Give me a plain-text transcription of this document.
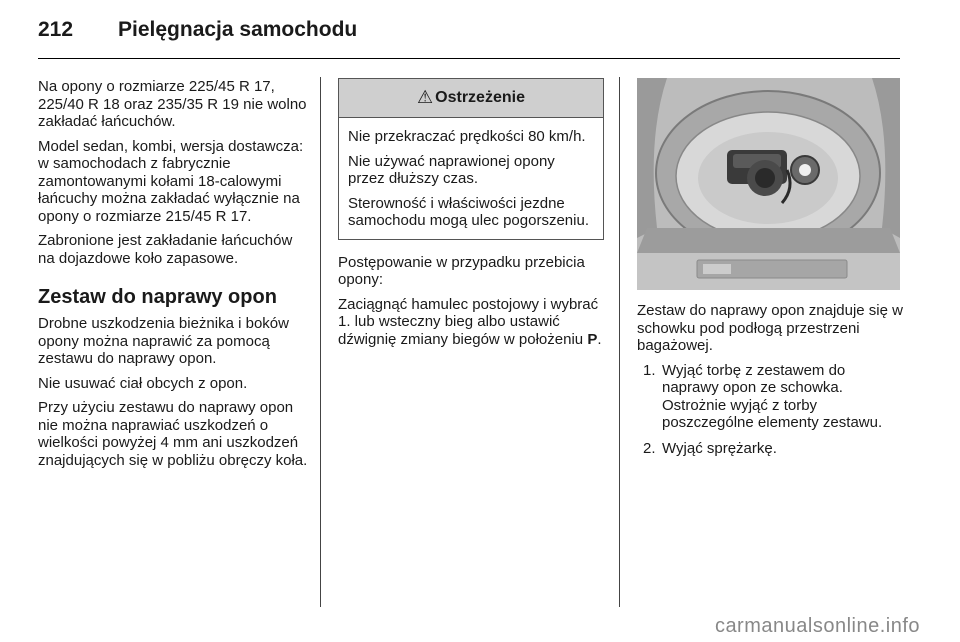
212 Pielęgnacja samochodu

Na opony o rozmiarze 225/45 R 17, 225/40 R 18 oraz 235/35 R 19 nie wolno zakładać łańcuchów.

Model sedan, kombi, wersja dostawcza: w samochodach z fabrycznie zamontowanymi kołami 18-calowymi łańcuchy można zakładać wyłącznie na opony o rozmiarze 215/45 R 17.

Zabronione jest zakładanie łańcuchów na dojazdowe koło zapasowe.

Zestaw do naprawy opon

Drobne uszkodzenia bieżnika i boków opony można naprawić za pomocą zestawu do naprawy opon.

Nie usuwać ciał obcych z opon.

Przy użyciu zestawu do naprawy opon nie można naprawiać uszkodzeń o wielkości powyżej 4 mm ani uszkodzeń znajdujących się w pobliżu obręczy koła.

⚠ Ostrzeżenie

Nie przekraczać prędkości 80 km/h.

Nie używać naprawionej opony przez dłuższy czas.

Sterowność i właściwości jezdne samochodu mogą ulec pogorszeniu.

Postępowanie w przypadku przebicia opony:

Zaciągnąć hamulec postojowy i wybrać 1. lub wsteczny bieg albo ustawić dźwignię zmiany biegów w położeniu P.

Zestaw do naprawy opon znajduje się w schowku pod podłogą przestrzeni bagażowej.

1. Wyjąć torbę z zestawem do naprawy opon ze schowka. Ostrożnie wyjąć z torby poszczególne elementy zestawu.
2. Wyjąć sprężarkę.
carmanualsonline.info
